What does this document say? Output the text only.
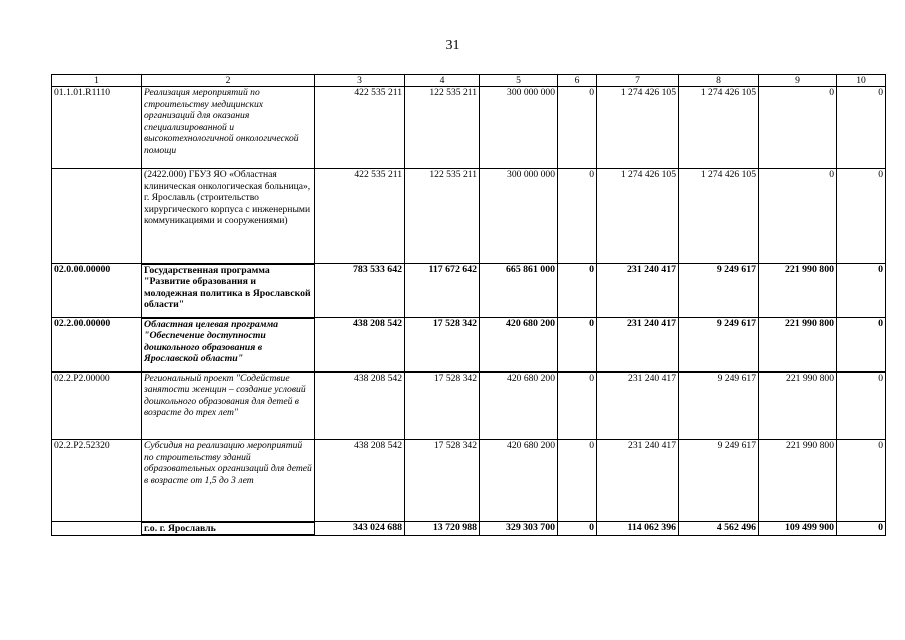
31
1	2	3	4	5	6	7	8	9	10
01.1.01.R1110	Реализация мероприятий по строительству медицинских организаций для оказания специализированной и высокотехнологичной онкологической помощи	422 535 211	122 535 211	300 000 000	0	1 274 426 105	1 274 426 105	0	0
	(2422.000) ГБУЗ ЯО «Областная клиническая онкологическая больница», г. Ярославль (строительство хирургического корпуса с инженерными коммуникациями и сооружениями)	422 535 211	122 535 211	300 000 000	0	1 274 426 105	1 274 426 105	0	0
02.0.00.00000	Государственная программа "Развитие образования и молодежная политика в Ярославской области"	783 533 642	117 672 642	665 861 000	0	231 240 417	9 249 617	221 990 800	0
02.2.00.00000	Областная целевая программа "Обеспечение доступности дошкольного образования в Ярославской области"	438 208 542	17 528 342	420 680 200	0	231 240 417	9 249 617	221 990 800	0
02.2.Р2.00000	Региональный проект "Содействие занятости женщин – создание условий дошкольного образования для детей в возрасте до трех лет"	438 208 542	17 528 342	420 680 200	0	231 240 417	9 249 617	221 990 800	0
02.2.Р2.52320	Субсидия на реализацию мероприятий по строительству зданий образовательных организаций для детей в возрасте от 1,5 до 3 лет	438 208 542	17 528 342	420 680 200	0	231 240 417	9 249 617	221 990 800	0
	г.о. г. Ярославль	343 024 688	13 720 988	329 303 700	0	114 062 396	4 562 496	109 499 900	0
